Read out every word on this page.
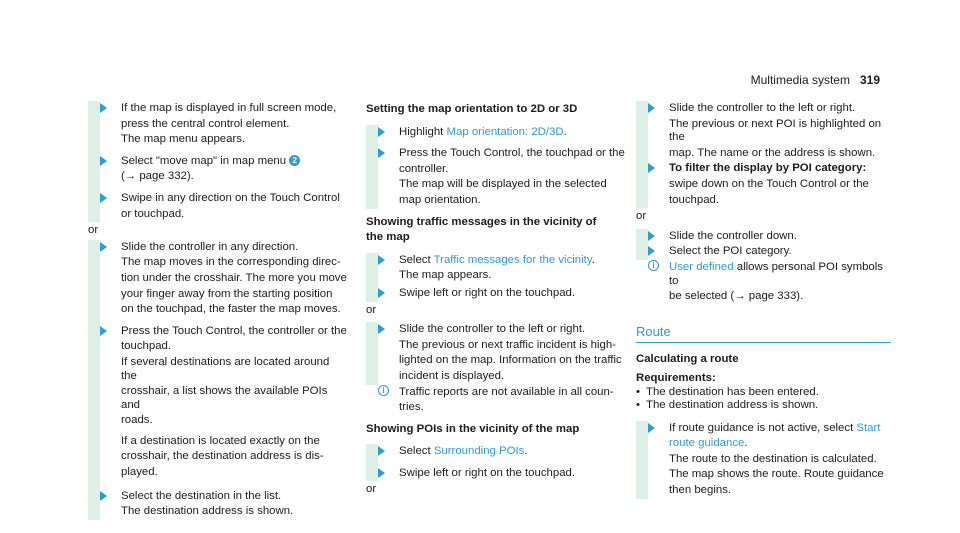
Multimedia system 319
If the map is displayed in full screen mode,
press the central control element.
The map menu appears.
Select "move map" in map menu 2
(→ page 332).
Swipe in any direction on the Touch Control
or touchpad.
or
Slide the controller in any direction.
The map moves in the corresponding direc-
tion under the crosshair. The more you move
your finger away from the starting position
on the touchpad, the faster the map moves.
Press the Touch Control, the controller or the
touchpad.
If several destinations are located around the
crosshair, a list shows the available POIs and
roads.
If a destination is located exactly on the
crosshair, the destination address is dis-
played.
Select the destination in the list.
The destination address is shown.
Setting the map orientation to 2D or 3D
Highlight Map orientation: 2D/3D.
Press the Touch Control, the touchpad or the
controller.
The map will be displayed in the selected
map orientation.
Showing traffic messages in the vicinity of
the map
Select Traffic messages for the vicinity.
The map appears.
Swipe left or right on the touchpad.
or
Slide the controller to the left or right.
The previous or next traffic incident is high-
lighted on the map. Information on the traffic
incident is displayed.
i	Traffic reports are not available in all coun-
tries.
Showing POIs in the vicinity of the map
Select Surrounding POIs.
Swipe left or right on the touchpad.
or
Slide the controller to the left or right.
The previous or next POI is highlighted on the
map. The name or the address is shown.
To filter the display by POI category:
swipe down on the Touch Control or the
touchpad.
or
Slide the controller down.
Select the POI category.
i	User defined allows personal POI symbols to
be selected (→ page 333).
Route
Calculating a route
Requirements:
• The destination has been entered.
• The destination address is shown.
If route guidance is not active, select Start
route guidance.
The route to the destination is calculated.
The map shows the route. Route guidance
then begins.
